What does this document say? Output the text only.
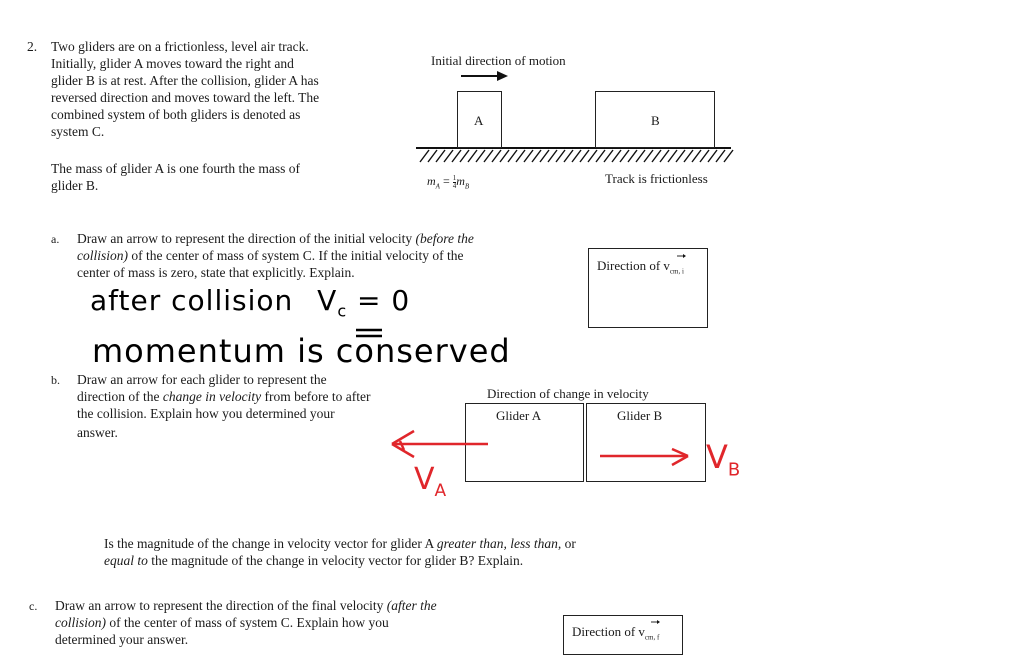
2. Two gliders are on a frictionless, level air track.
Initially, glider A moves toward the right and
glider B is at rest. After the collision, glider A has
reversed direction and moves toward the left. The
combined system of both gliders is denoted as
system C.
The mass of glider A is one fourth the mass of
glider B.
Initial direction of motion
A	B
$m_A = \frac{1}{4} m_B$
Track is frictionless
a. Draw an arrow to represent the direction of the initial velocity (before the
collision) of the center of mass of system C. If the initial velocity of the
center of mass is zero, state that explicitly. Explain.	Direction of $v_{cm, i}$
after collision $V_c = 0$
momentum is conserved
b. Draw an arrow for each glider to represent the
direction of the change in velocity from before to after
the collision. Explain how you determined your
answer.
Direction of change in velocity
Glider A	Glider B
$V_A$
$V_B$
Is the magnitude of the change in velocity vector for glider A greater than, less than, or
equal to the magnitude of the change in velocity vector for glider B? Explain.
c. Draw an arrow to represent the direction of the final velocity (after the
collision) of the center of mass of system C. Explain how you
determined your answer.
Direction of $v_{cm, f}$
